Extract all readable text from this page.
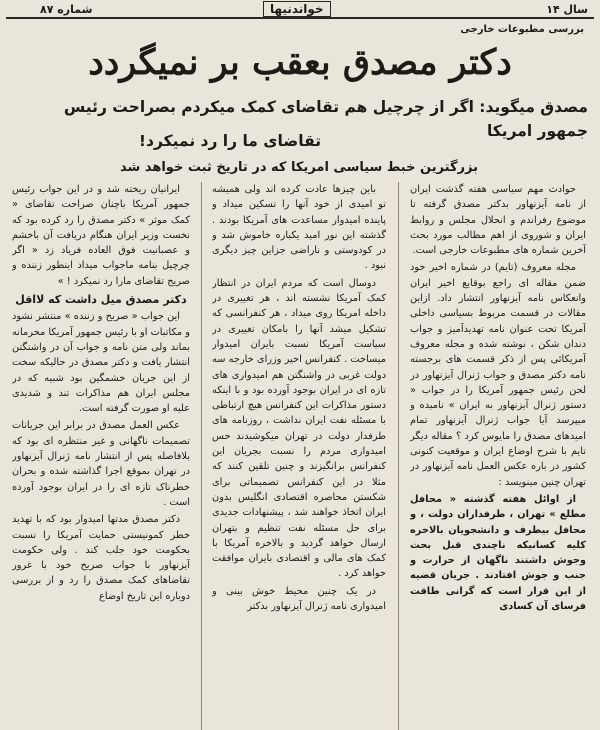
شماره ۸۷	خواندنیها	سال ۱۴
بررسی مطبوعات خارجی
دکتر مصدق بعقب بر نمیگردد
مصدق میگوید: اگر از چرچیل هم تقاضای کمک میکردم بصراحت رئیس جمهور امریکا
تقاضای ما را رد نمیکرد!
بزرگترین خبط سیاسی امریکا که در تاریخ ثبت خواهد شد

حوادث مهم سیاسی هفته گذشت ایران از نامه آیزنهاور بدکتر مصدق گرفته تا موضوع رفراندم و انحلال مجلس و روابط ایران و شوروی از اهم مطالب مورد بحث آخرین شماره های مطبوعات خارجی است.

مجله معروف (تایم) در شماره اخیر خود ضمن مقاله ای راجع بوقایع اخیر ایران وانعکاس نامه آیزنهاور انتشار داد. ازاین مقالات در قسمت مربوط بسیاسی داخلی آمریکا تحت عنوان نامه تهدیدآمیز و جواب دندان شکن ، نوشته شده و مجله معروف آمریکائی پس از ذکر قسمت های برجسته نامه دکتر مصدق و جواب ژنرال آیزنهاور در لحن رئیس جمهور آمریکا را در جواب « دستور ژنرال آیزنهاور به ایران » نامیده و میپرسد آیا جواب ژنرال آیزنهاور تمام امیدهای مصدق را مایوس کرد ؟ مقاله دیگر تایم با شرح اوضاع ایران و موقعیت کنونی کشور در باره عکس العمل نامه آیزنهاور در تهران چنین مینویسد :

از اوائل هفته گذشته « محافل مطلع » تهران ، طرفداران دولت ، و محافل بیطرف و دانشجویان بالاخره کلیه کسانیکه ناچندی قبل بحث وجوش داشتند ناگهان از حرارت و جنب و جوش افتادند . جریان قضیه از این قرار است که گرانی طاقت فرسای آن کسادی

باین چیزها عادت کرده اند ولی همیشه تو امیدی از خود آنها را تسکین میداد و پاینده امیدوار مساعدت های آمریکا بودند . گذشته این نور امید یکباره خاموش شد و در کودوستی و ناراضی جزاین چیز دیگری نبود .

دوسال است که مردم ایران در انتظار کمک آمریکا نشسته اند ، هر تغییری در داخله امریکا روی میداد ، هر کنفرانسی که تشکیل میشد آنها را بامکان تغییری در سیاست آمریکا نسبت بایران امیدوار میساخت . کنفرانس اخیر وزرای خارجه سه دولت غربی در واشنگتن هم امیدواری های تازه ای در ایران بوجود آورده بود و با اینکه دستور مذاکرات این کنفرانس هیچ ارتباطی با مسئله نفت ایران نداشت ، روزنامه های طرفدار دولت در تهران میکوشیدند حس امیدواری مردم را نسبت بجریان این کنفرانس برانگیزند و چنین تلقین کنند که مثلا در این کنفرانس تصمیماتی برای شکستن محاصره اقتصادی انگلیس بدون ایران اتخاذ خواهند شد ، پیشنهادات جدیدی برای حل مسئله نفت تنظیم و بتهران ارسال خواهد گردید و بالاخره آمریکا با کمک های مالی و اقتصادی بایران موافقت خواهد کرد .

در یک چنین محیط خوش بینی و امیدواری نامه ژنرال آیزنهاور بدکتر

ایرانیان ریخته شد و در این جواب رئیس جمهور آمریکا باچنان صراحت تقاضای « کمک موثر » دکتر مصدق را رد کرده بود که نخست وزیر ایران هنگام دریافت آن باخشم و عصبانیت فوق العاده فریاد زد « اگر چرچیل بنامه ماجواب میداد اینطور زننده و صریح تقاضای مارا رد نمیکرد ! »

دکتر مصدق میل داشت که لااقل

این جواب « صریح و زننده » منتشر نشود و مکاتبات او با رئیس جمهور آمریکا محرمانه بماند ولی متن نامه و جواب آن در واشنگتن انتشار یافت و دکتر مصدق در حالیکه سخت از این جریان خشمگین بود شبیه که در مجلس ایران هم مذاکرات تند و شدیدی علیه او صورت گرفته است.

عکس العمل مصدق در برابر این جریانات تصمیمات ناگهانی و غیر منتظره ای بود که بلافاصله پس از انتشار نامه ژنرال آیزنهاور در تهران بموقع اجرا گذاشته شده و بحران خطرناک تازه ای را در ایران بوجود آورده است .

دکتر مصدق مدتها امیدوار بود که با تهدید خطر کمونیستی حمایت آمریکا را نسبت بحکومت خود جلب کند . ولی حکومت آیزنهاور با جواب صریح خود با غرور تقاضاهای کمک مصدق را رد و از بررسی دوباره این تاریخ اوضاع
